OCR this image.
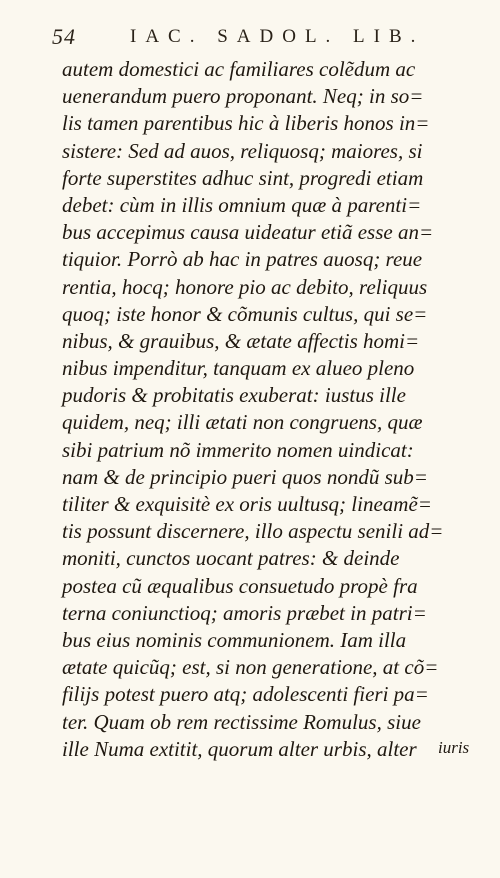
54	IAC. SADOL. LIB.
autem domestici ac familiares colẽdum ac
uenerandum puero proponant. Neq; in so=
lis tamen parentibus hic à liberis honos in=
sistere: Sed ad auos, reliquosq; maiores, si
forte superstites adhuc sint, progredi etiam
debet: cùm in illis omnium quæ à parenti=
bus accepimus causa uideatur etiã esse an=
tiquior. Porrò ab hac in patres auosq; reue
rentia, hocq; honore pio ac debito, reliquus
quoq; iste honor & cõmunis cultus, qui se=
nibus, & grauibus, & ætate affectis homi=
nibus impenditur, tanquam ex alueo pleno
pudoris & probitatis exuberat: iustus ille
quidem, neq; illi ætati non congruens, quæ
sibi patrium nõ immerito nomen uindicat:
nam & de principio pueri quos nondũ sub=
tiliter & exquisitè ex oris uultusq; lineamẽ=
tis possunt discernere, illo aspectu senili ad=
moniti, cunctos uocant patres: & deinde
postea cũ æqualibus consuetudo propè fra
terna coniunctioq; amoris præbet in patri=
bus eius nominis communionem. Iam illa
ætate quicũq; est, si non generatione, at cõ=
filijs potest puero atq; adolescenti fieri pa=
ter. Quam ob rem rectissime Romulus, siue
ille Numa extitit, quorum alter urbis, alter	iuris
